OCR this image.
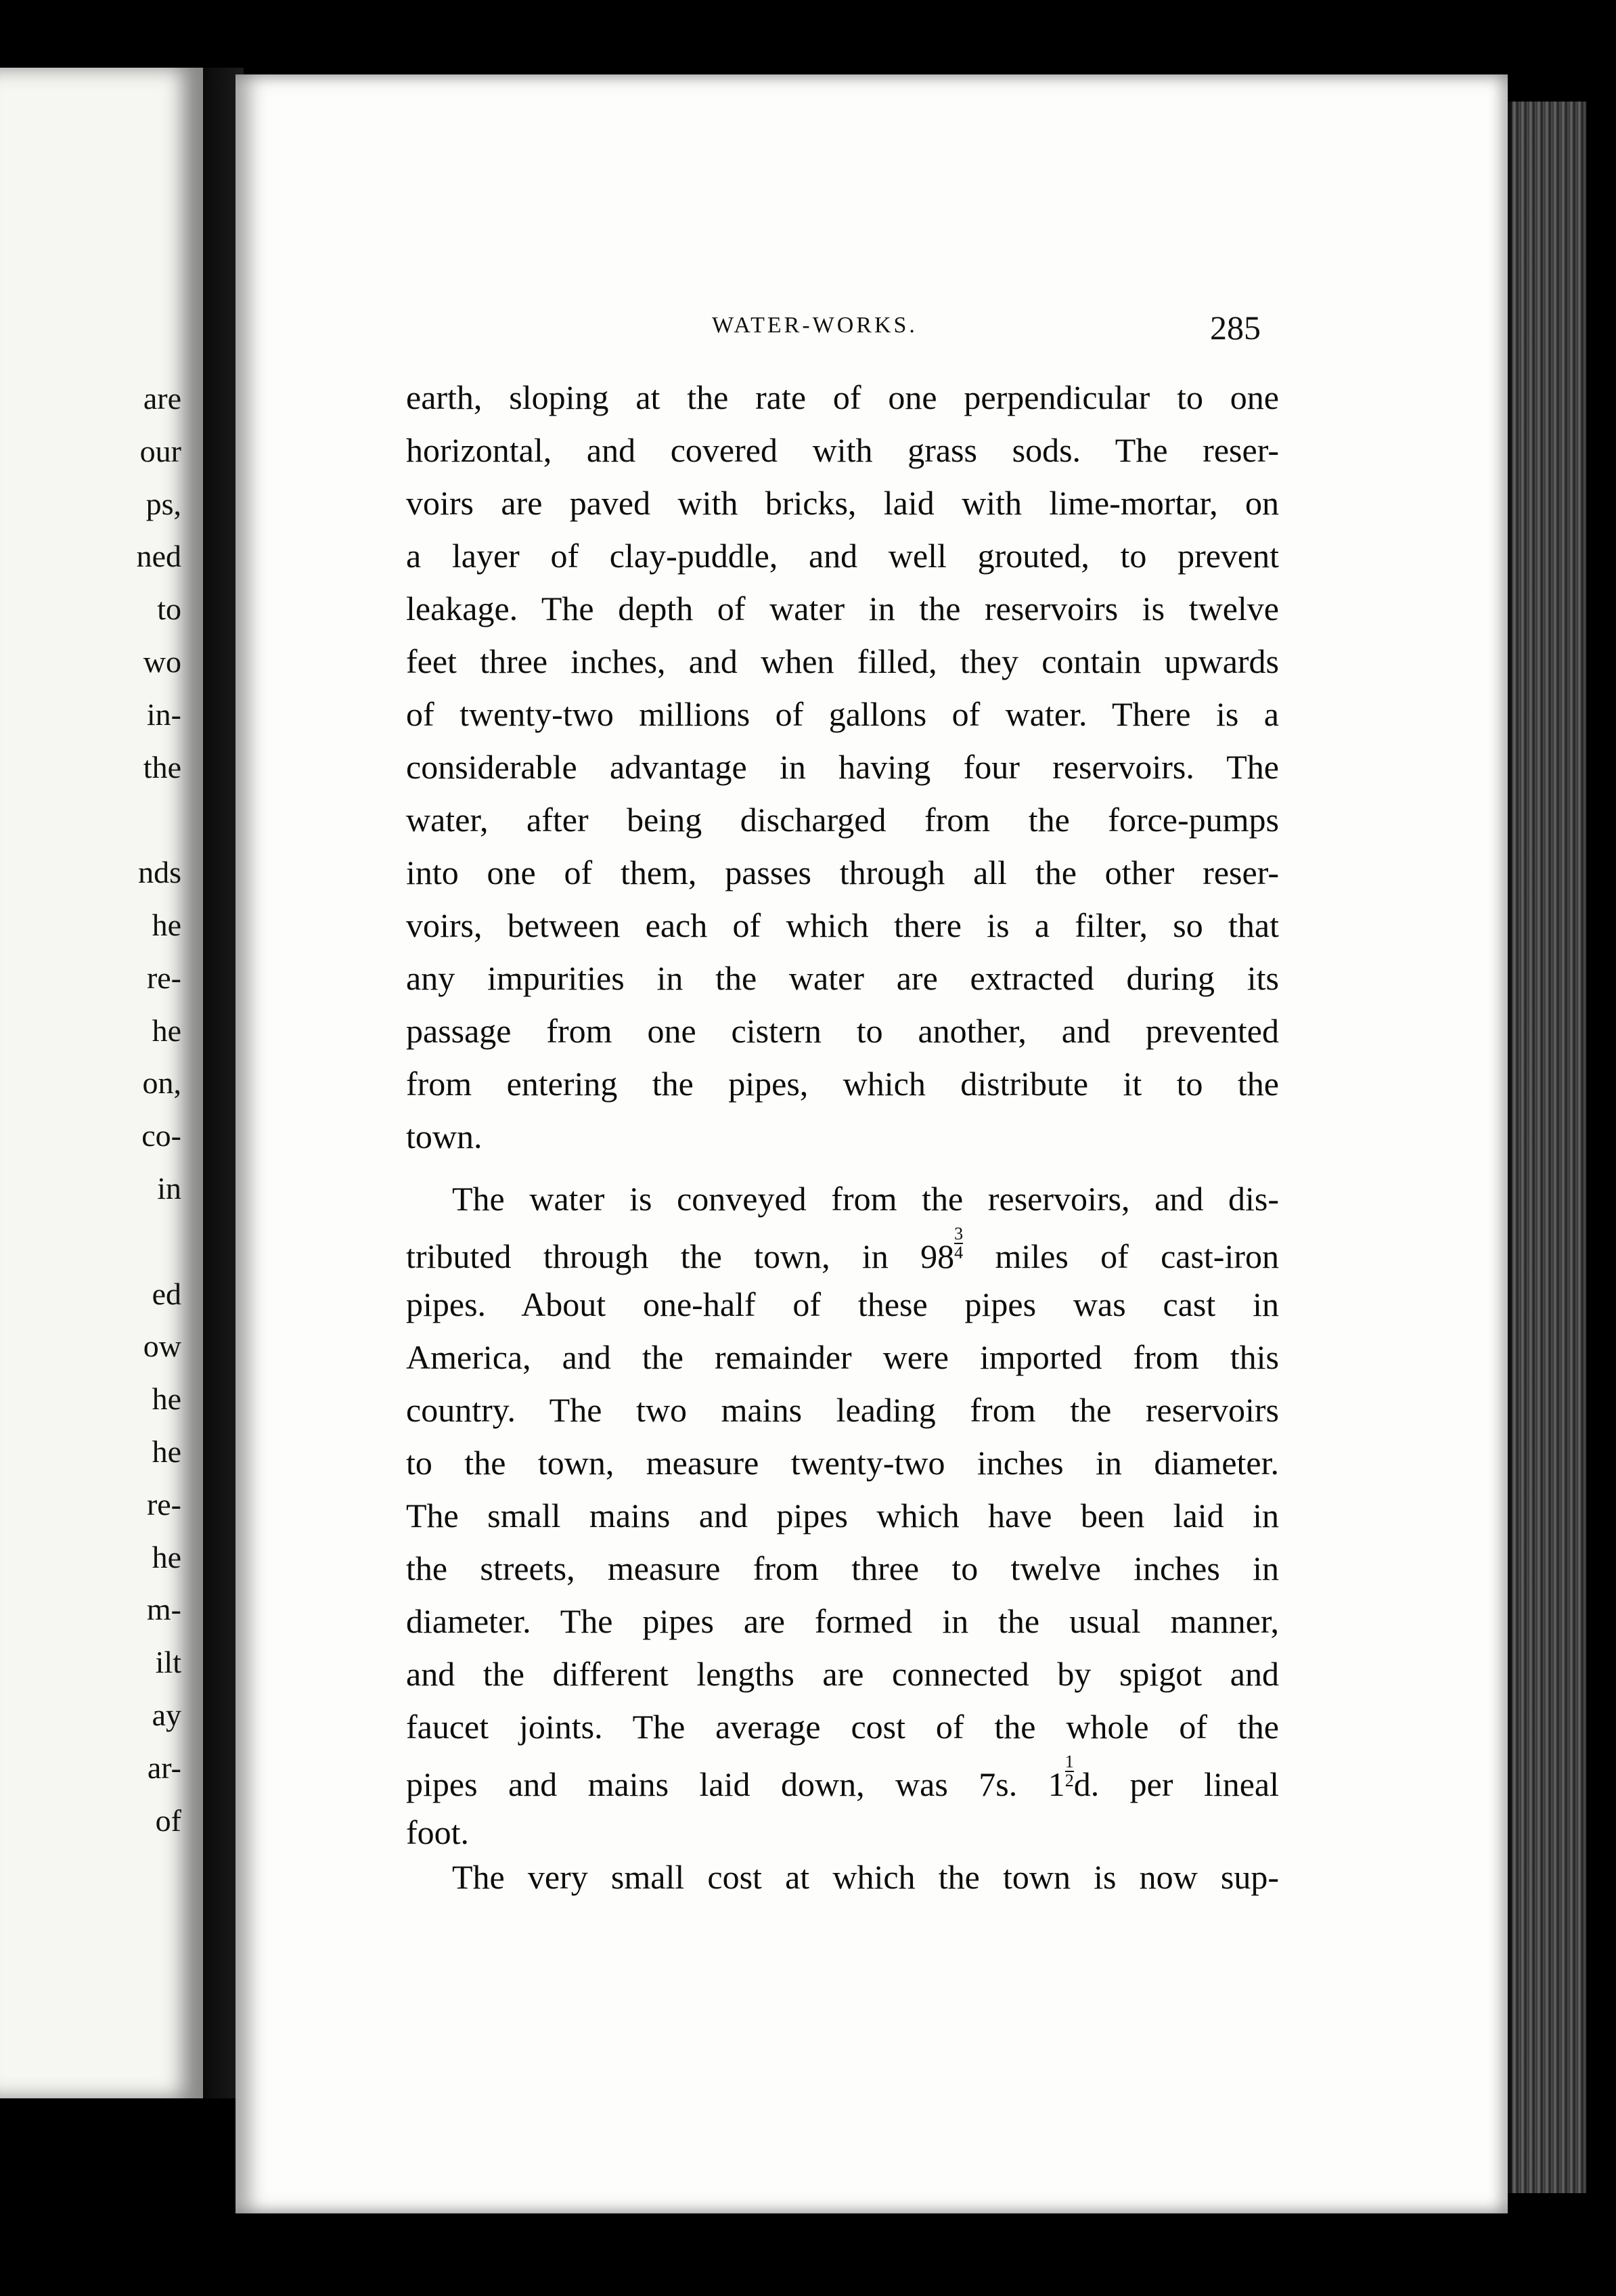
are
our
ps,
ned
to
wo
in-
the
nds
he
re-
he
on,
co-
in
ed
ow
he
he
re-
he
m-
ilt
ay
ar-
of
WATER-WORKS.	285
earth, sloping at the rate of one perpendicular to one
horizontal, and covered with grass sods. The reser-
voirs are paved with bricks, laid with lime-mortar, on
a layer of clay-puddle, and well grouted, to prevent
leakage. The depth of water in the reservoirs is twelve
feet three inches, and when filled, they contain upwards
of twenty-two millions of gallons of water. There is a
considerable advantage in having four reservoirs. The
water, after being discharged from the force-pumps
into one of them, passes through all the other reser-
voirs, between each of which there is a filter, so that
any impurities in the water are extracted during its
passage from one cistern to another, and prevented
from entering the pipes, which distribute it to the
town.
The water is conveyed from the reservoirs, and dis-
tributed through the town, in $98 \frac{3}{4}$ miles of cast-iron
pipes. About one-half of these pipes was cast in
America, and the remainder were imported from this
country. The two mains leading from the reservoirs
to the town, measure twenty-two inches in diameter.
The small mains and pipes which have been laid in
the streets, measure from three to twelve inches in
diameter. The pipes are formed in the usual manner,
and the different lengths are connected by spigot and
faucet joints. The average cost of the whole of the
pipes and mains laid down, was 7s. $1 \frac{1}{2} d$. per lineal
foot.
The very small cost at which the town is now sup-
